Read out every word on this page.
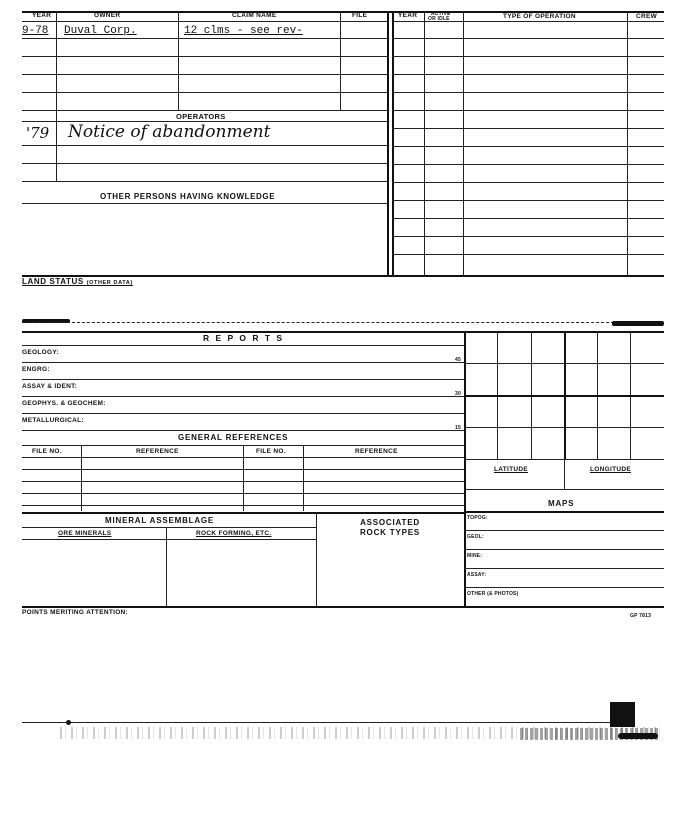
YEAR	OWNER	CLAIM NAME	FILE	YEAR	ACTIVE
OR IDLE	TYPE OF OPERATION	CREW
9-78 Duval Corp.	12 clms - see rev-
OPERATORS
'79 Notice of abandonment
OTHER PERSONS HAVING KNOWLEDGE
LAND STATUS (OTHER DATA)
R E P O R T S
GEOLOGY:
ENGRG:
ASSAY & IDENT:
GEOPHYS. & GEOCHEM:
METALLURGICAL:
45
30
15
GENERAL REFERENCES
FILE NO.	REFERENCE	FILE NO.	REFERENCE
MINERAL ASSEMBLAGE
ORE MINERALS	ROCK FORMING, ETC.
ASSOCIATED
ROCK TYPES
LATITUDE	LONGITUDE
MAPS
TOPOG:
GEOL:
MINE:
ASSAY:
OTHER (& PHOTOS)
POINTS MERITING ATTENTION:	GP 7813
